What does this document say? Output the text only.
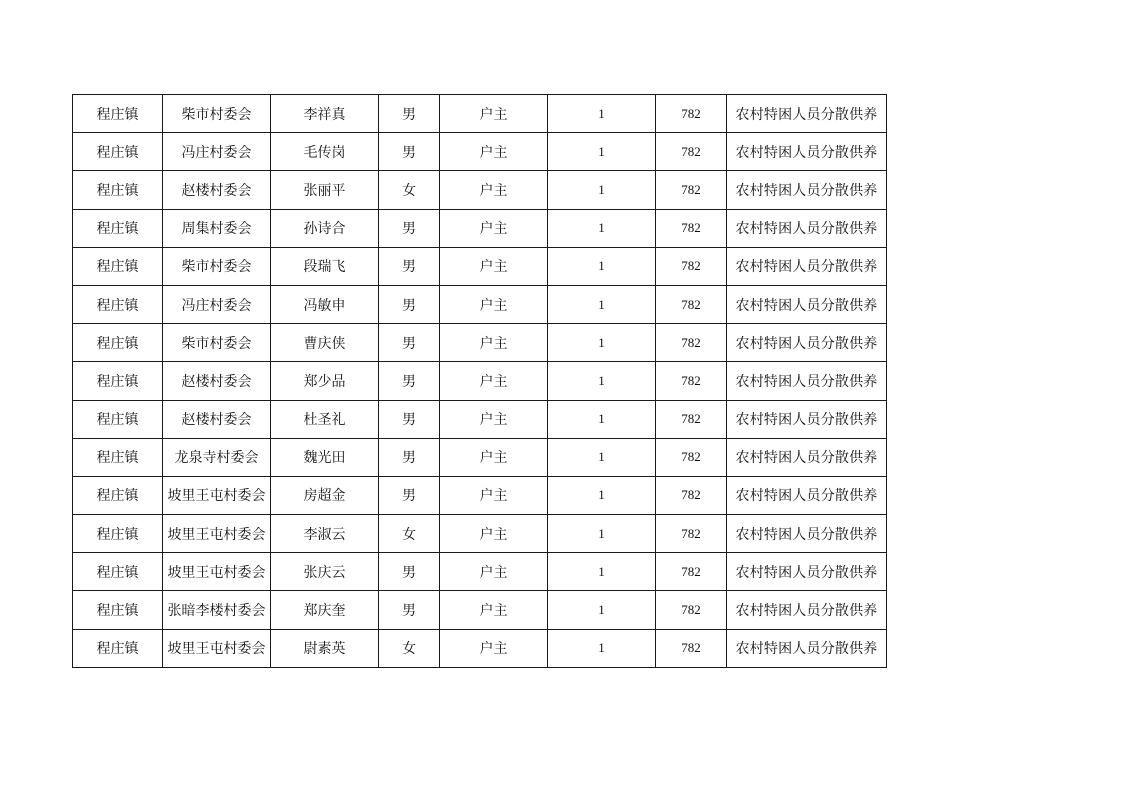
程庄镇	柴市村委会	李祥真	男	户主	1	782	农村特困人员分散供养
程庄镇	冯庄村委会	毛传岗	男	户主	1	782	农村特困人员分散供养
程庄镇	赵楼村委会	张丽平	女	户主	1	782	农村特困人员分散供养
程庄镇	周集村委会	孙诗合	男	户主	1	782	农村特困人员分散供养
程庄镇	柴市村委会	段瑞飞	男	户主	1	782	农村特困人员分散供养
程庄镇	冯庄村委会	冯敏申	男	户主	1	782	农村特困人员分散供养
程庄镇	柴市村委会	曹庆侠	男	户主	1	782	农村特困人员分散供养
程庄镇	赵楼村委会	郑少品	男	户主	1	782	农村特困人员分散供养
程庄镇	赵楼村委会	杜圣礼	男	户主	1	782	农村特困人员分散供养
程庄镇	龙泉寺村委会	魏光田	男	户主	1	782	农村特困人员分散供养
程庄镇	坡里王屯村委会	房超金	男	户主	1	782	农村特困人员分散供养
程庄镇	坡里王屯村委会	李淑云	女	户主	1	782	农村特困人员分散供养
程庄镇	坡里王屯村委会	张庆云	男	户主	1	782	农村特困人员分散供养
程庄镇	张暗李楼村委会	郑庆奎	男	户主	1	782	农村特困人员分散供养
程庄镇	坡里王屯村委会	尉素英	女	户主	1	782	农村特困人员分散供养
